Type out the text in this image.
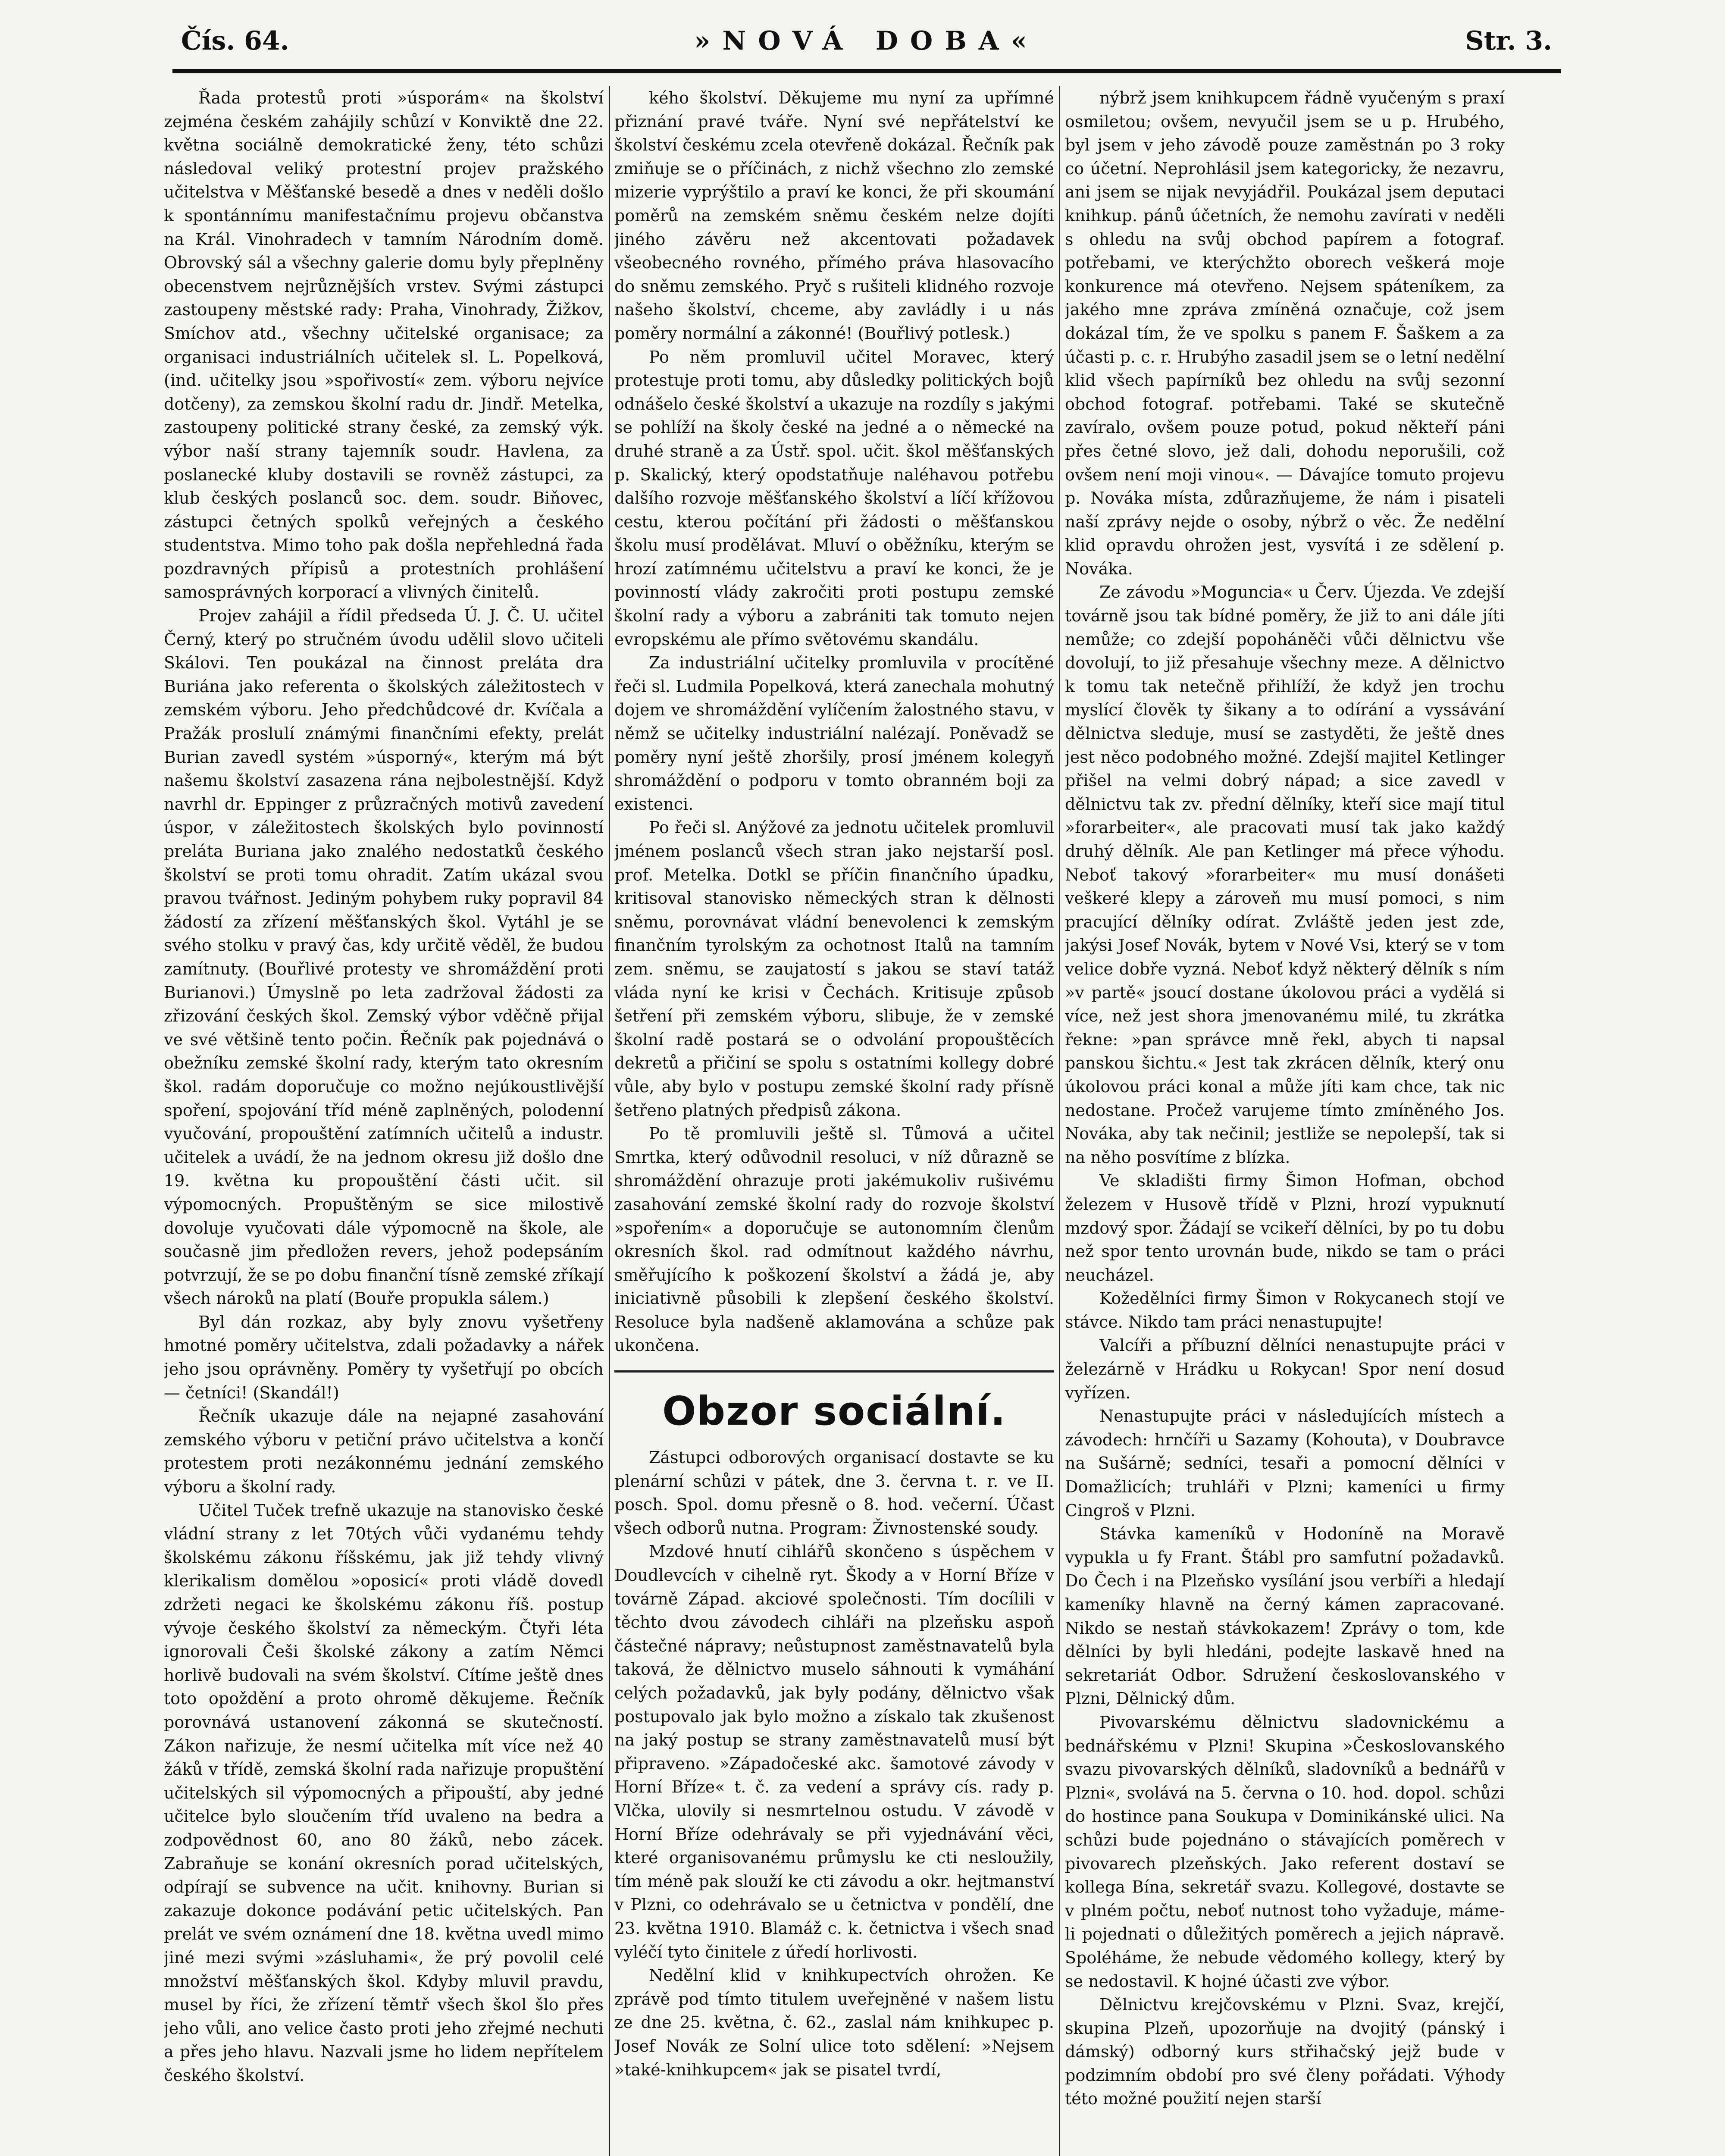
Čís. 64.	»NOVÁ DOBA«	Str. 3.

Řada protestů proti »úsporám« na školství zejména českém zahájily schůzí v Konviktě dne 22. května sociálně demokratické ženy, této schůzi následoval veliký protestní projev pražského učitelstva v Měšťanské besedě a dnes v neděli došlo k spontánnímu manifestačnímu projevu občanstva na Král. Vinohradech v tamním Národním domě. Obrovský sál a všechny galerie domu byly přeplněny obecenstvem nejrůznějších vrstev. Svými zástupci zastoupeny městské rady: Praha, Vinohrady, Žižkov, Smíchov atd., všechny učitelské organisace; za organisaci industriálních učitelek sl. L. Popelková, (ind. učitelky jsou »spořivostí« zem. výboru nejvíce dotčeny), za zemskou školní radu dr. Jindř. Metelka, zastoupeny politické strany české, za zemský výk. výbor naší strany tajemník soudr. Havlena, za poslanecké kluby dostavili se rovněž zástupci, za klub českých poslanců soc. dem. soudr. Biňovec, zástupci četných spolků veřejných a českého studentstva. Mimo toho pak došla nepřehledná řada pozdravných přípisů a protestních prohlášení samosprávných korporací a vlivných činitelů.

Projev zahájil a řídil předseda Ú. J. Č. U. učitel Černý, který po stručném úvodu udělil slovo učiteli Skálovi. Ten poukázal na činnost preláta dra Buriána jako referenta o školských záležitostech v zemském výboru. Jeho předchůdcové dr. Kvíčala a Pražák proslulí známými finančními efekty, prelát Burian zavedl systém »úsporný«, kterým má být našemu školství zasazena rána nejbolestnější. Když navrhl dr. Eppinger z průzračných motivů zavedení úspor, v záležitostech školských bylo povinností preláta Buriana jako znalého nedostatků českého školství se proti tomu ohradit. Zatím ukázal svou pravou tvářnost. Jediným pohybem ruky popravil 84 žádostí za zřízení měšťanských škol. Vytáhl je se svého stolku v pravý čas, kdy určitě věděl, že budou zamítnuty. (Bouřlivé protesty ve shromáždění proti Burianovi.) Úmyslně po leta zadržoval žádosti za zřizování českých škol. Zemský výbor vděčně přijal ve své většině tento počin. Řečník pak pojednává o obežníku zemské školní rady, kterým tato okresním škol. radám doporučuje co možno nejúkoustlivější spoření, spojování tříd méně zaplněných, polodenní vyučování, propouštění zatímních učitelů a industr. učitelek a uvádí, že na jednom okresu již došlo dne 19. května ku propouštění části učit. sil výpomocných. Propuštěným se sice milostivě dovoluje vyučovati dále výpomocně na škole, ale současně jim předložen revers, jehož podepsáním potvrzují, že se po dobu finanční tísně zemské zříkají všech nároků na platí (Bouře propukla sálem.)

Byl dán rozkaz, aby byly znovu vyšetřeny hmotné poměry učitelstva, zdali požadavky a nářek jeho jsou oprávněny. Poměry ty vyšetřují po obcích — četníci! (Skandál!)

Řečník ukazuje dále na nejapné zasahování zemského výboru v petiční právo učitelstva a končí protestem proti nezákonnému jednání zemského výboru a školní rady.

Učitel Tuček trefně ukazuje na stanovisko české vládní strany z let 70tých vůči vydanému tehdy školskému zákonu říšskému, jak již tehdy vlivný klerikalism domělou »oposicí« proti vládě dovedl zdržeti negaci ke školskému zákonu říš. postup vývoje českého školství za německým. Čtyři léta ignorovali Češi školské zákony a zatím Němci horlivě budovali na svém školství. Cítíme ještě dnes toto opoždění a proto ohromě děkujeme. Řečník porovnává ustanovení zákonná se skutečností. Zákon nařizuje, že nesmí učitelka mít více než 40 žáků v třídě, zemská školní rada nařizuje propuštění učitelských sil výpomocných a připouští, aby jedné učitelce bylo sloučením tříd uvaleno na bedra a zodpovědnost 60, ano 80 žáků, nebo zácek. Zabraňuje se konání okresních porad učitelských, odpírají se subvence na učit. knihovny. Burian si zakazuje dokonce podávání petic učitelských. Pan prelát ve svém oznámení dne 18. května uvedl mimo jiné mezi svými »zásluhami«, že prý povolil celé množství měšťanských škol. Kdyby mluvil pravdu, musel by říci, že zřízení těmtř všech škol šlo přes jeho vůli, ano velice často proti jeho zřejmé nechuti a přes jeho hlavu. Nazvali jsme ho lidem nepřítelem českého školství.

kého školství. Děkujeme mu nyní za upřímné přiznání pravé tváře. Nyní své nepřátelství ke školství českému zcela otevřeně dokázal. Řečník pak zmiňuje se o příčinách, z nichž všechno zlo zemské mizerie vyprýštilo a praví ke konci, že při skoumání poměrů na zemském sněmu českém nelze dojíti jiného závěru než akcentovati požadavek všeobecného rovného, přímého práva hlasovacího do sněmu zemského. Pryč s rušiteli klidného rozvoje našeho školství, chceme, aby zavládly i u nás poměry normální a zákonné! (Bouřlivý potlesk.)

Po něm promluvil učitel Moravec, který protestuje proti tomu, aby důsledky politických bojů odnášelo české školství a ukazuje na rozdíly s jakými se pohlíží na školy české na jedné a o německé na druhé straně a za Ústř. spol. učit. škol měšťanských p. Skalický, který opodstatňuje naléhavou potřebu dalšího rozvoje měšťanského školství a líčí křížovou cestu, kterou počítání při žádosti o měšťanskou školu musí prodělávat. Mluví o oběžníku, kterým se hrozí zatímnému učitelstvu a praví ke konci, že je povinností vlády zakročiti proti postupu zemské školní rady a výboru a zabrániti tak tomuto nejen evropskému ale přímo světovému skandálu.

Za industriální učitelky promluvila v procítěné řeči sl. Ludmila Popelková, která zanechala mohutný dojem ve shromáždění vylíčením žalostného stavu, v němž se učitelky industriální nalézají. Poněvadž se poměry nyní ještě zhoršily, prosí jménem kolegyň shromáždění o podporu v tomto obranném boji za existenci.

Po řeči sl. Anýžové za jednotu učitelek promluvil jménem poslanců všech stran jako nejstarší posl. prof. Metelka. Dotkl se příčin finančního úpadku, kritisoval stanovisko německých stran k dělnosti sněmu, porovnávat vládní benevolenci k zemským finančním tyrolským za ochotnost Italů na tamním zem. sněmu, se zaujatostí s jakou se staví tatáž vláda nyní ke krisi v Čechách. Kritisuje způsob šetření při zemském výboru, slibuje, že v zemské školní radě postará se o odvolání propouštěcích dekretů a přičiní se spolu s ostatními kollegy dobré vůle, aby bylo v postupu zemské školní rady přísně šetřeno platných předpisů zákona.

Po tě promluvili ještě sl. Tůmová a učitel Smrtka, který odůvodnil resoluci, v níž důrazně se shromáždění ohrazuje proti jakémukoliv rušivému zasahování zemské školní rady do rozvoje školství »spořením« a doporučuje se autonomním členům okresních škol. rad odmítnout každého návrhu, směřujícího k poškození školství a žádá je, aby iniciativně působili k zlepšení českého školství. Resoluce byla nadšeně aklamována a schůze pak ukončena.

Obzor sociální.

Zástupci odborových organisací dostavte se ku plenární schůzi v pátek, dne 3. června t. r. ve II. posch. Spol. domu přesně o 8. hod. večerní. Účast všech odborů nutna. Program: Živnostenské soudy.

Mzdové hnutí cihlářů skončeno s úspěchem v Doudlevcích v cihelně ryt. Škody a v Horní Bříze v továrně Západ. akciové společnosti. Tím docílili v těchto dvou závodech cihláři na plzeňsku aspoň částečné nápravy; neůstupnost zaměstnavatelů byla taková, že dělnictvo muselo sáhnouti k vymáhání celých požadavků, jak byly podány, dělnictvo však postupovalo jak bylo možno a získalo tak zkušenost na jaký postup se strany zaměstnavatelů musí být připraveno. »Západočeské akc. šamotové závody v Horní Bříze« t. č. za vedení a správy cís. rady p. Vlčka, ulovily si nesmrtelnou ostudu. V závodě v Horní Bříze odehrávaly se při vyjednávání věci, které organisovanému průmyslu ke cti nesloužily, tím méně pak slouží ke cti závodu a okr. hejtmanství v Plzni, co odehrávalo se u četnictva v pondělí, dne 23. května 1910. Blamáž c. k. četnictva i všech snad vyléčí tyto činitele z úředí horlivosti.

Nedělní klid v knihkupectvích ohrožen. Ke zprávě pod tímto titulem uveřejněné v našem listu ze dne 25. května, č. 62., zaslal nám knihkupec p. Josef Novák ze Solní ulice toto sdělení: »Nejsem »také-knihkupcem« jak se pisatel tvrdí,

nýbrž jsem knihkupcem řádně vyučeným s praxí osmiletou; ovšem, nevyučil jsem se u p. Hrubého, byl jsem v jeho závodě pouze zaměstnán po 3 roky co účetní. Neprohlásil jsem kategoricky, že nezavru, ani jsem se nijak nevyjádřil. Poukázal jsem deputaci knihkup. pánů účetních, že nemohu zavírati v neděli s ohledu na svůj obchod papírem a fotograf. potřebami, ve kterýchžto oborech veškerá moje konkurence má otevřeno. Nejsem spáteníkem, za jakého mne zpráva zmíněná označuje, což jsem dokázal tím, že ve spolku s panem F. Šaškem a za účasti p. c. r. Hrubýho zasadil jsem se o letní nedělní klid všech papírníků bez ohledu na svůj sezonní obchod fotograf. potřebami. Také se skutečně zavíralo, ovšem pouze potud, pokud někteří páni přes četné slovo, jež dali, dohodu neporušili, což ovšem není moji vinou«. — Dávajíce tomuto projevu p. Nováka místa, zdůrazňujeme, že nám i pisateli naší zprávy nejde o osoby, nýbrž o věc. Že nedělní klid opravdu ohrožen jest, vysvítá i ze sdělení p. Nováka.

Ze závodu »Moguncia« u Červ. Újezda. Ve zdejší továrně jsou tak bídné poměry, že již to ani dále jíti nemůže; co zdejší popoháněči vůči dělnictvu vše dovolují, to již přesahuje všechny meze. A dělnictvo k tomu tak netečně přihlíží, že když jen trochu myslící člověk ty šikany a to odírání a vyssávání dělnictva sleduje, musí se zastyděti, že ještě dnes jest něco podobného možné. Zdejší majitel Ketlinger přišel na velmi dobrý nápad; a sice zavedl v dělnictvu tak zv. přední dělníky, kteří sice mají titul »forarbeiter«, ale pracovati musí tak jako každý druhý dělník. Ale pan Ketlinger má přece výhodu. Neboť takový »forarbeiter« mu musí donášeti veškeré klepy a zároveň mu musí pomoci, s nim pracující dělníky odírat. Zvláště jeden jest zde, jakýsi Josef Novák, bytem v Nové Vsi, který se v tom velice dobře vyzná. Neboť když některý dělník s ním »v partě« jsoucí dostane úkolovou práci a vydělá si více, než jest shora jmenovanému milé, tu zkrátka řekne: »pan správce mně řekl, abych ti napsal panskou šichtu.« Jest tak zkrácen dělník, který onu úkolovou práci konal a může jíti kam chce, tak nic nedostane. Pročež varujeme tímto zmíněného Jos. Nováka, aby tak nečinil; jestliže se nepolepší, tak si na něho posvítíme z blízka.

Ve skladišti firmy Šimon Hofman, obchod železem v Husově třídě v Plzni, hrozí vypuknutí mzdový spor. Žádají se vcikeří dělníci, by po tu dobu než spor tento urovnán bude, nikdo se tam o práci neucházel.

Kožedělníci firmy Šimon v Rokycanech stojí ve stávce. Nikdo tam práci nenastupujte!

Valcíři a příbuzní dělníci nenastupujte práci v železárně v Hrádku u Rokycan! Spor není dosud vyřízen.

Nenastupujte práci v následujících místech a závodech: hrnčíři u Sazamy (Kohouta), v Doubravce na Sušárně; sedníci, tesaři a pomocní dělníci v Domažlicích; truhláři v Plzni; kameníci u firmy Cingroš v Plzni.

Stávka kameníků v Hodoníně na Moravě vypukla u fy Frant. Štábl pro samfutní požadavků. Do Čech i na Plzeňsko vysílání jsou verbíři a hledají kameníky hlavně na černý kámen zapracované. Nikdo se nestaň stávkokazem! Zprávy o tom, kde dělníci by byli hledáni, podejte laskavě hned na sekretariát Odbor. Sdružení českoslovanského v Plzni, Dělnický dům.

Pivovarskému dělnictvu sladovnickému a bednářskému v Plzni! Skupina »Českoslovanského svazu pivovarských dělníků, sladovníků a bednářů v Plzni«, svolává na 5. června o 10. hod. dopol. schůzi do hostince pana Soukupa v Dominikánské ulici. Na schůzi bude pojednáno o stávajících poměrech v pivovarech plzeňských. Jako referent dostaví se kollega Bína, sekretář svazu. Kollegové, dostavte se v plném počtu, neboť nutnost toho vyžaduje, máme-li pojednati o důležitých poměrech a jejich nápravě. Spoléháme, že nebude vědomého kollegy, který by se nedostavil. K hojné účasti zve výbor.

Dělnictvu krejčovskému v Plzni. Svaz, krejčí, skupina Plzeň, upozorňuje na dvojitý (pánský i dámský) odborný kurs střihačský jejž bude v podzimním období pro své členy pořádati. Výhody této možné použití nejen starší
